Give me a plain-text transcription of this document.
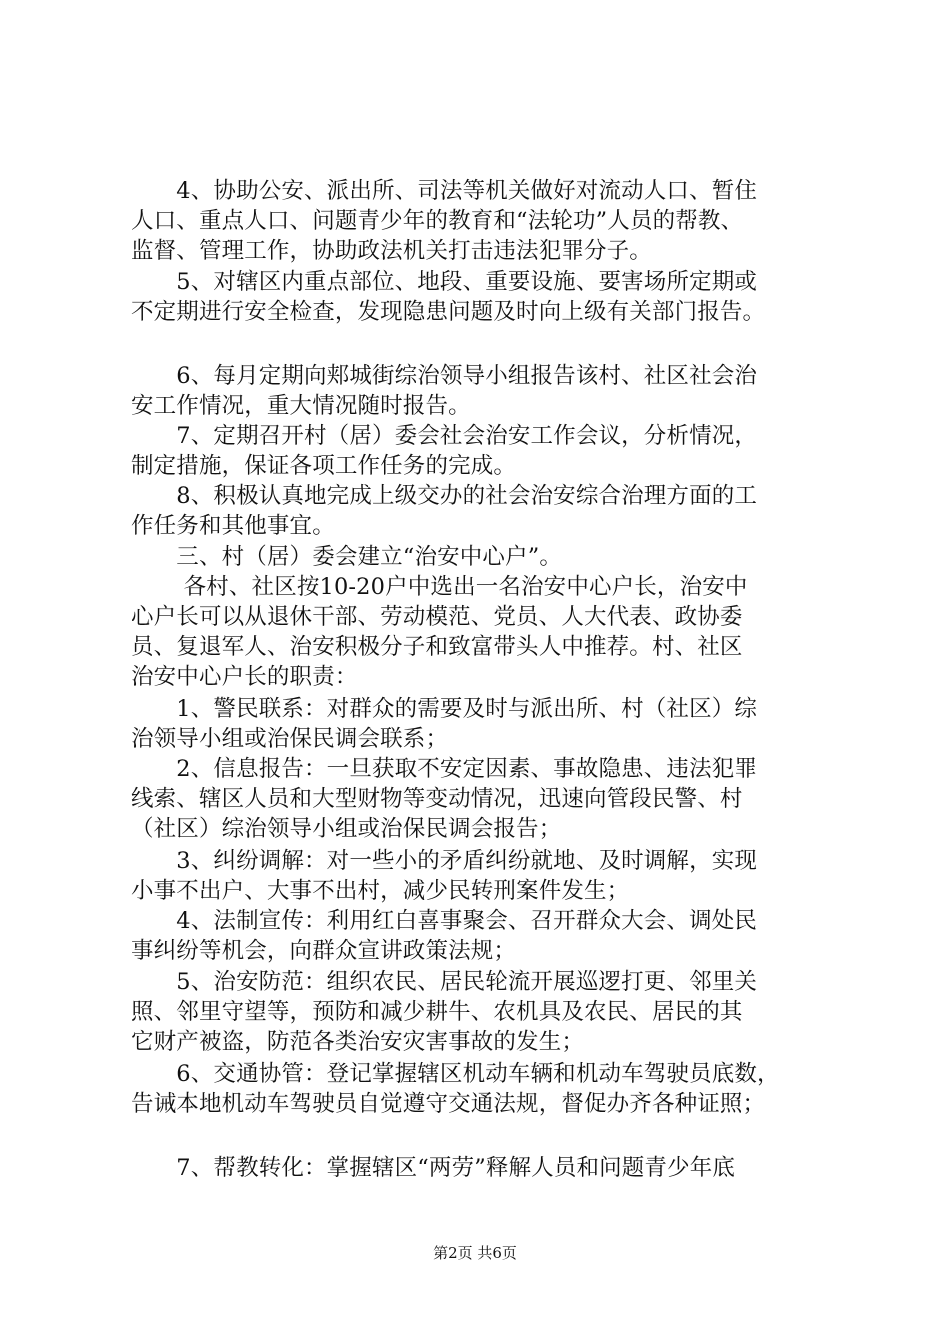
　　4、协助公安、派出所、司法等机关做好对流动人口、暂住
人口、重点人口、问题青少年的教育和“法轮功”人员的帮教、
监督、管理工作，协助政法机关打击违法犯罪分子。
　　5、对辖区内重点部位、地段、重要设施、要害场所定期或
不定期进行安全检查，发现隐患问题及时向上级有关部门报告。
　　6、每月定期向郏城街综治领导小组报告该村、社区社会治
安工作情况，重大情况随时报告。
　　7、定期召开村（居）委会社会治安工作会议，分析情况，
制定措施，保证各项工作任务的完成。
　　8、积极认真地完成上级交办的社会治安综合治理方面的工
作任务和其他事宜。
　　三、村（居）委会建立“治安中心户”。
　　 各村、社区按10-20户中选出一名治安中心户长，治安中
心户长可以从退休干部、劳动模范、党员、人大代表、政协委
员、复退军人、治安积极分子和致富带头人中推荐。村、社区
治安中心户长的职责：
　　1、警民联系：对群众的需要及时与派出所、村（社区）综
治领导小组或治保民调会联系；
　　2、信息报告：一旦获取不安定因素、事故隐患、违法犯罪
线索、辖区人员和大型财物等变动情况，迅速向管段民警、村
（社区）综治领导小组或治保民调会报告；
　　3、纠纷调解：对一些小的矛盾纠纷就地、及时调解，实现
小事不出户、大事不出村，减少民转刑案件发生；
　　4、法制宣传：利用红白喜事聚会、召开群众大会、调处民
事纠纷等机会，向群众宣讲政策法规；
　　5、治安防范：组织农民、居民轮流开展巡逻打更、邻里关
照、邻里守望等，预防和减少耕牛、农机具及农民、居民的其
它财产被盗，防范各类治安灾害事故的发生；
　　6、交通协管：登记掌握辖区机动车辆和机动车驾驶员底数，
告诫本地机动车驾驶员自觉遵守交通法规，督促办齐各种证照；
　　7、帮教转化：掌握辖区“两劳”释解人员和问题青少年底
第2页 共6页
